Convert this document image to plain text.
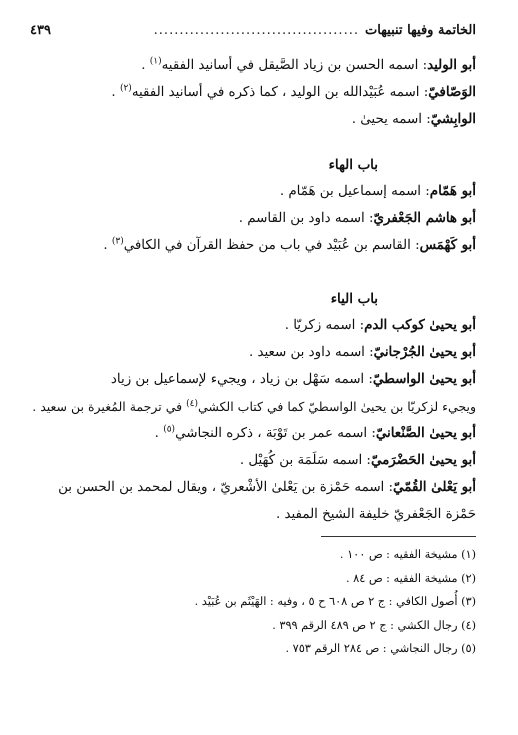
الخاتمة وفيها تنبيهات
........................................
٤٣٩
أبو الوليد: اسمه الحسن بن زياد الصَّيقل في أسانيد الفقيه$^{(١)}$ .
الوَصّافيّ: اسمه عُبَيْدالله بن الوليد ، كما ذكره في أسانيد الفقيه$^{(٢)}$ .
الوابِشيّ: اسمه يحيىٰ .
باب الهاء
أبو هَمّام: اسمه إسماعيل بن هَمّام .
أبو هاشم الجَعْفريّ: اسمه داود بن القاسم .
أبو كَهْمَس: القاسم بن عُبَيْد في باب من حفظ القرآن في الكافي$^{(٣)}$ .
باب الياء
أبو يحيىٰ كوكب الدم: اسمه زكريّا .
أبو يحيىٰ الجُرْجانيّ: اسمه داود بن سعيد .
أبو يحيىٰ الواسطيّ: اسمه سَهْل بن زياد ، ويجيء لإسماعيل بن زياد
ويجيء لزكريّا بن يحيىٰ الواسطيّ كما في كتاب الكشي$^{(٤)}$ في ترجمة المُغيرة بن سعيد .
أبو يحيىٰ الصَّنْعانيّ: اسمه عمر بن تَوْبَة ، ذكره النجاشي$^{(٥)}$ .
أبو يحيىٰ الحَضْرَميّ: اسمه سَلَمَة بن كُهَيْل .
أبو يَعْلىٰ القُمّيّ: اسمه حَمْزة بن يَعْلىٰ الأشْعريّ ، ويقال لمحمد بن الحسن بن
حَمْزة الجَعْفريّ خليفة الشيخ المفيد .
(١) مشيخة الفقيه : ص ١٠٠ .
(٢) مشيخة الفقيه : ص ٨٤ .
(٣) أُصول الكافي : ج ٢ ص ٦٠٨ ح ٥ ، وفيه : الهَيْثَم بن عُبَيْد .
(٤) رجال الكشي : ج ٢ ص ٤٨٩ الرقم ٣٩٩ .
(٥) رجال النجاشي : ص ٢٨٤ الرقم ٧٥٣ .
